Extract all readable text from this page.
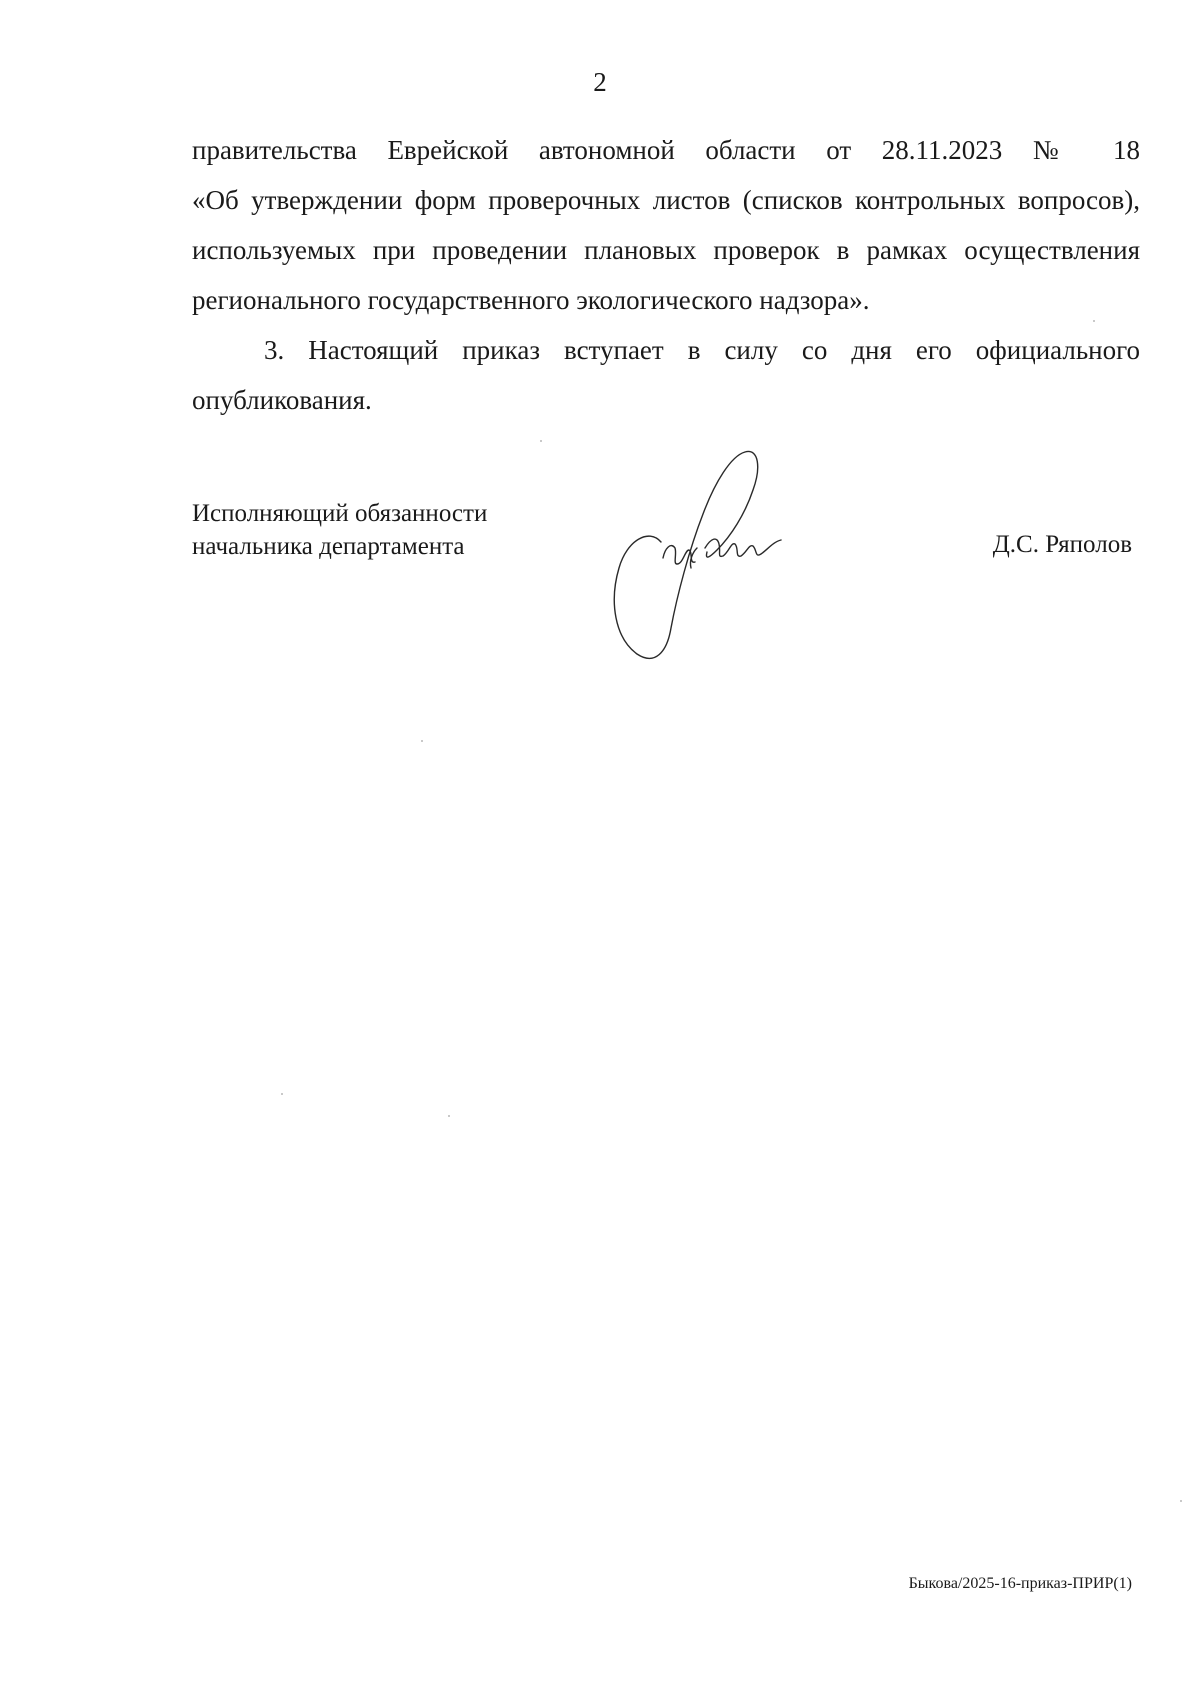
2

правительства Еврейской автономной области от 28.11.2023 № 18
«Об утверждении форм проверочных листов (списков контрольных вопросов),
используемых при проведении плановых проверок в рамках осуществления
регионального государственного экологического надзора».

3. Настоящий приказ вступает в силу со дня его официального
опубликования.

Исполняющий обязанности
начальника департамента	Д.С. Ряполов
Быкова/2025-16-приказ-ПРИР(1)
